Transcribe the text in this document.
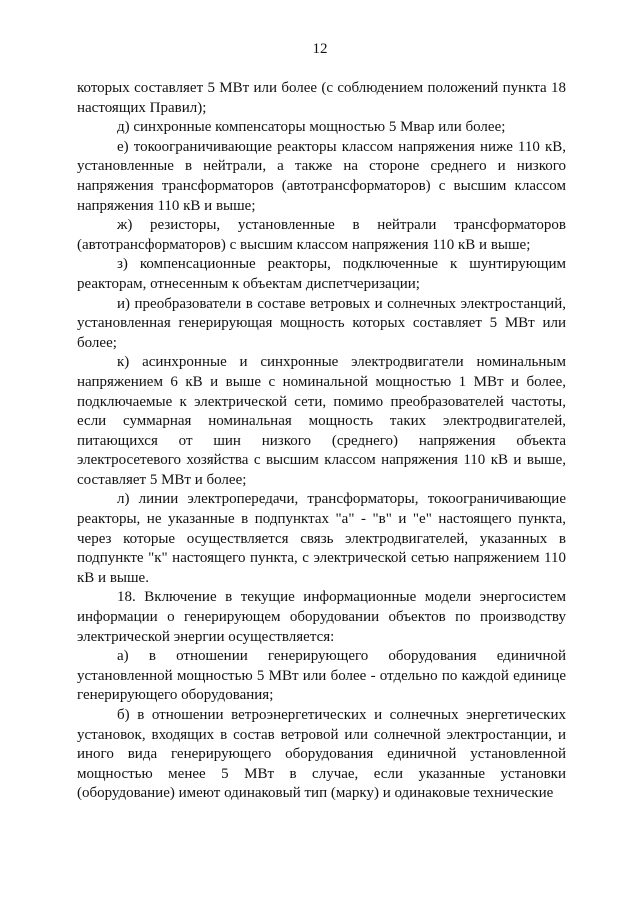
12

которых составляет 5 МВт или более (с соблюдением положений пункта 18 настоящих Правил);

д) синхронные компенсаторы мощностью 5 Мвар или более;

е) токоограничивающие реакторы классом напряжения ниже 110 кВ, установленные в нейтрали, а также на стороне среднего и низкого напряжения трансформаторов (автотрансформаторов) с высшим классом напряжения 110 кВ и выше;

ж) резисторы, установленные в нейтрали трансформаторов (автотрансформаторов) с высшим классом напряжения 110 кВ и выше;

з) компенсационные реакторы, подключенные к шунтирующим реакторам, отнесенным к объектам диспетчеризации;

и) преобразователи в составе ветровых и солнечных электростанций, установленная генерирующая мощность которых составляет 5 МВт или более;

к) асинхронные и синхронные электродвигатели номинальным напряжением 6 кВ и выше с номинальной мощностью 1 МВт и более, подключаемые к электрической сети, помимо преобразователей частоты, если суммарная номинальная мощность таких электродвигателей, питающихся от шин низкого (среднего) напряжения объекта электросетевого хозяйства с высшим классом напряжения 110 кВ и выше, составляет 5 МВт и более;

л) линии электропередачи, трансформаторы, токоограничивающие реакторы, не указанные в подпунктах "а" - "в" и "е" настоящего пункта, через которые осуществляется связь электродвигателей, указанных в подпункте "к" настоящего пункта, с электрической сетью напряжением 110 кВ и выше.

18. Включение в текущие информационные модели энергосистем информации о генерирующем оборудовании объектов по производству электрической энергии осуществляется:

а) в отношении генерирующего оборудования единичной установленной мощностью 5 МВт или более - отдельно по каждой единице генерирующего оборудования;

б) в отношении ветроэнергетических и солнечных энергетических установок, входящих в состав ветровой или солнечной электростанции, и иного вида генерирующего оборудования единичной установленной мощностью менее 5 МВт в случае, если указанные установки (оборудование) имеют одинаковый тип (марку) и одинаковые технические
